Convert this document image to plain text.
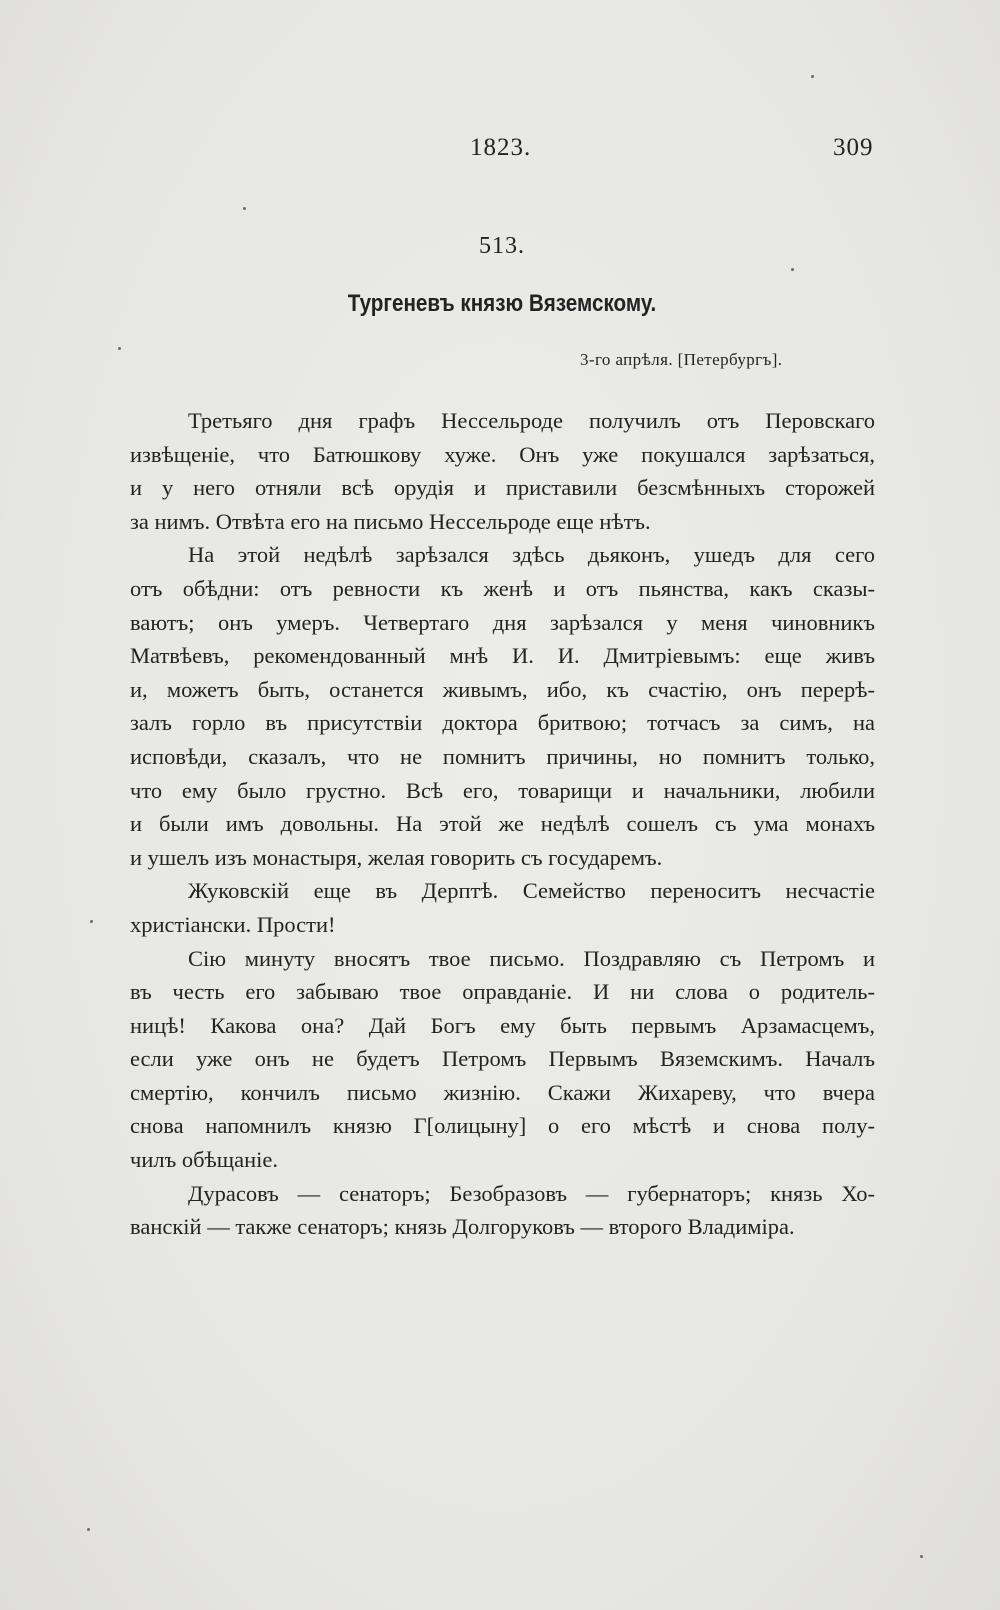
1823.	309
513.
Тургеневъ князю Вяземскому.
3-го апрѣля. [Петербургъ].
Третьяго дня графъ Нессельроде получилъ отъ Перовскаго
извѣщеніе, что Батюшкову хуже. Онъ уже покушался зарѣзаться,
и у него отняли всѣ орудія и приставили безсмѣнныхъ сторожей
за нимъ. Отвѣта его на письмо Нессельроде еще нѣтъ.
На этой недѣлѣ зарѣзался здѣсь дьяконъ, ушедъ для сего
отъ обѣдни: отъ ревности къ женѣ и отъ пьянства, какъ сказы-
ваютъ; онъ умеръ. Четвертаго дня зарѣзался у меня чиновникъ
Матвѣевъ, рекомендованный мнѣ И. И. Дмитріевымъ: еще живъ
и, можетъ быть, останется живымъ, ибо, къ счастію, онъ перерѣ-
залъ горло въ присутствіи доктора бритвою; тотчасъ за симъ, на
исповѣди, сказалъ, что не помнитъ причины, но помнитъ только,
что ему было грустно. Всѣ его, товарищи и начальники, любили
и были имъ довольны. На этой же недѣлѣ сошелъ съ ума монахъ
и ушелъ изъ монастыря, желая говорить съ государемъ.
Жуковскій еще въ Дерптѣ. Семейство переноситъ несчастіе
христіански. Прости!
Сію минуту вносятъ твое письмо. Поздравляю съ Петромъ и
въ честь его забываю твое оправданіе. И ни слова о родитель-
ницѣ! Какова она? Дай Богъ ему быть первымъ Арзамасцемъ,
если уже онъ не будетъ Петромъ Первымъ Вяземскимъ. Началъ
смертію, кончилъ письмо жизнію. Скажи Жихареву, что вчера
снова напомнилъ князю Г[олицыну] о его мѣстѣ и снова полу-
чилъ обѣщаніе.
Дурасовъ — сенаторъ; Безобразовъ — губернаторъ; князь Хо-
ванскій — также сенаторъ; князь Долгоруковъ — второго Владиміра.
